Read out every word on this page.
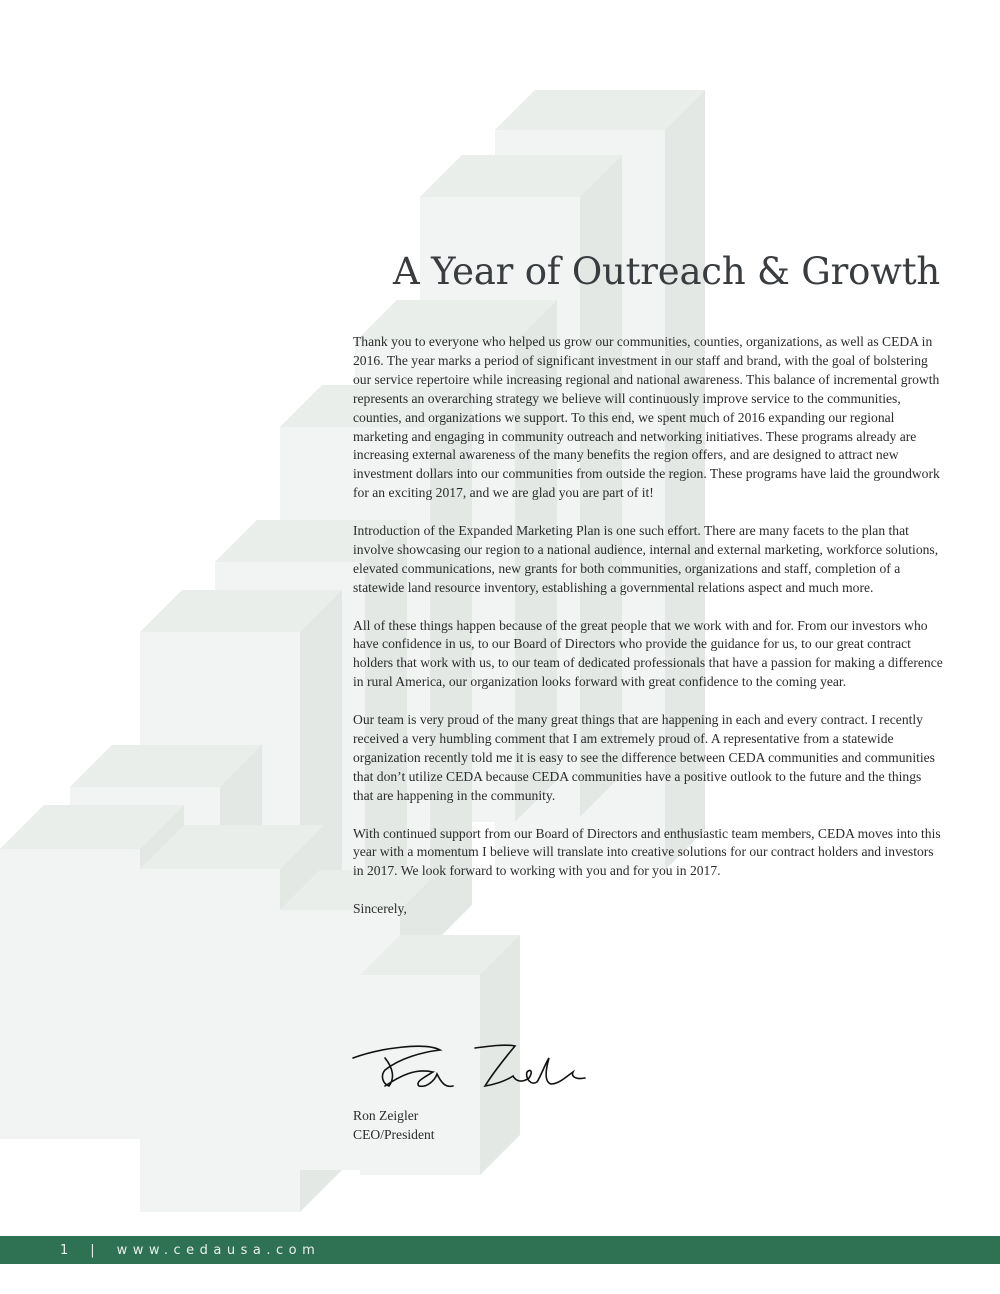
A Year of Outreach & Growth

Thank you to everyone who helped us grow our communities, counties, organizations, as well as CEDA in 2016. The year marks a period of significant investment in our staff and brand, with the goal of bolstering our service repertoire while increasing regional and national awareness. This balance of incremental growth represents an overarching strategy we believe will continuously improve service to the communities, counties, and organizations we support. To this end, we spent much of 2016 expanding our regional marketing and engaging in community outreach and networking initiatives. These programs already are increasing external awareness of the many benefits the region offers, and are designed to attract new investment dollars into our communities from outside the region. These programs have laid the groundwork for an exciting 2017, and we are glad you are part of it!

Introduction of the Expanded Marketing Plan is one such effort. There are many facets to the plan that involve showcasing our region to a national audience, internal and external marketing, workforce solutions, elevated communications, new grants for both communities, organizations and staff, completion of a statewide land resource inventory, establishing a governmental relations aspect and much more.

All of these things happen because of the great people that we work with and for. From our investors who have confidence in us, to our Board of Directors who provide the guidance for us, to our great contract holders that work with us, to our team of dedicated professionals that have a passion for making a difference in rural America, our organization looks forward with great confidence to the coming year.

Our team is very proud of the many great things that are happening in each and every contract. I recently received a very humbling comment that I am extremely proud of. A representative from a statewide organization recently told me it is easy to see the difference between CEDA communities and communities that don’t utilize CEDA because CEDA communities have a positive outlook to the future and the things that are happening in the community.

With continued support from our Board of Directors and enthusiastic team members, CEDA moves into this year with a momentum I believe will translate into creative solutions for our contract holders and investors in 2017. We look forward to working with you and for you in 2017.

Sincerely,

Ron Zeigler
CEO/President
1 | www.cedausa.com
